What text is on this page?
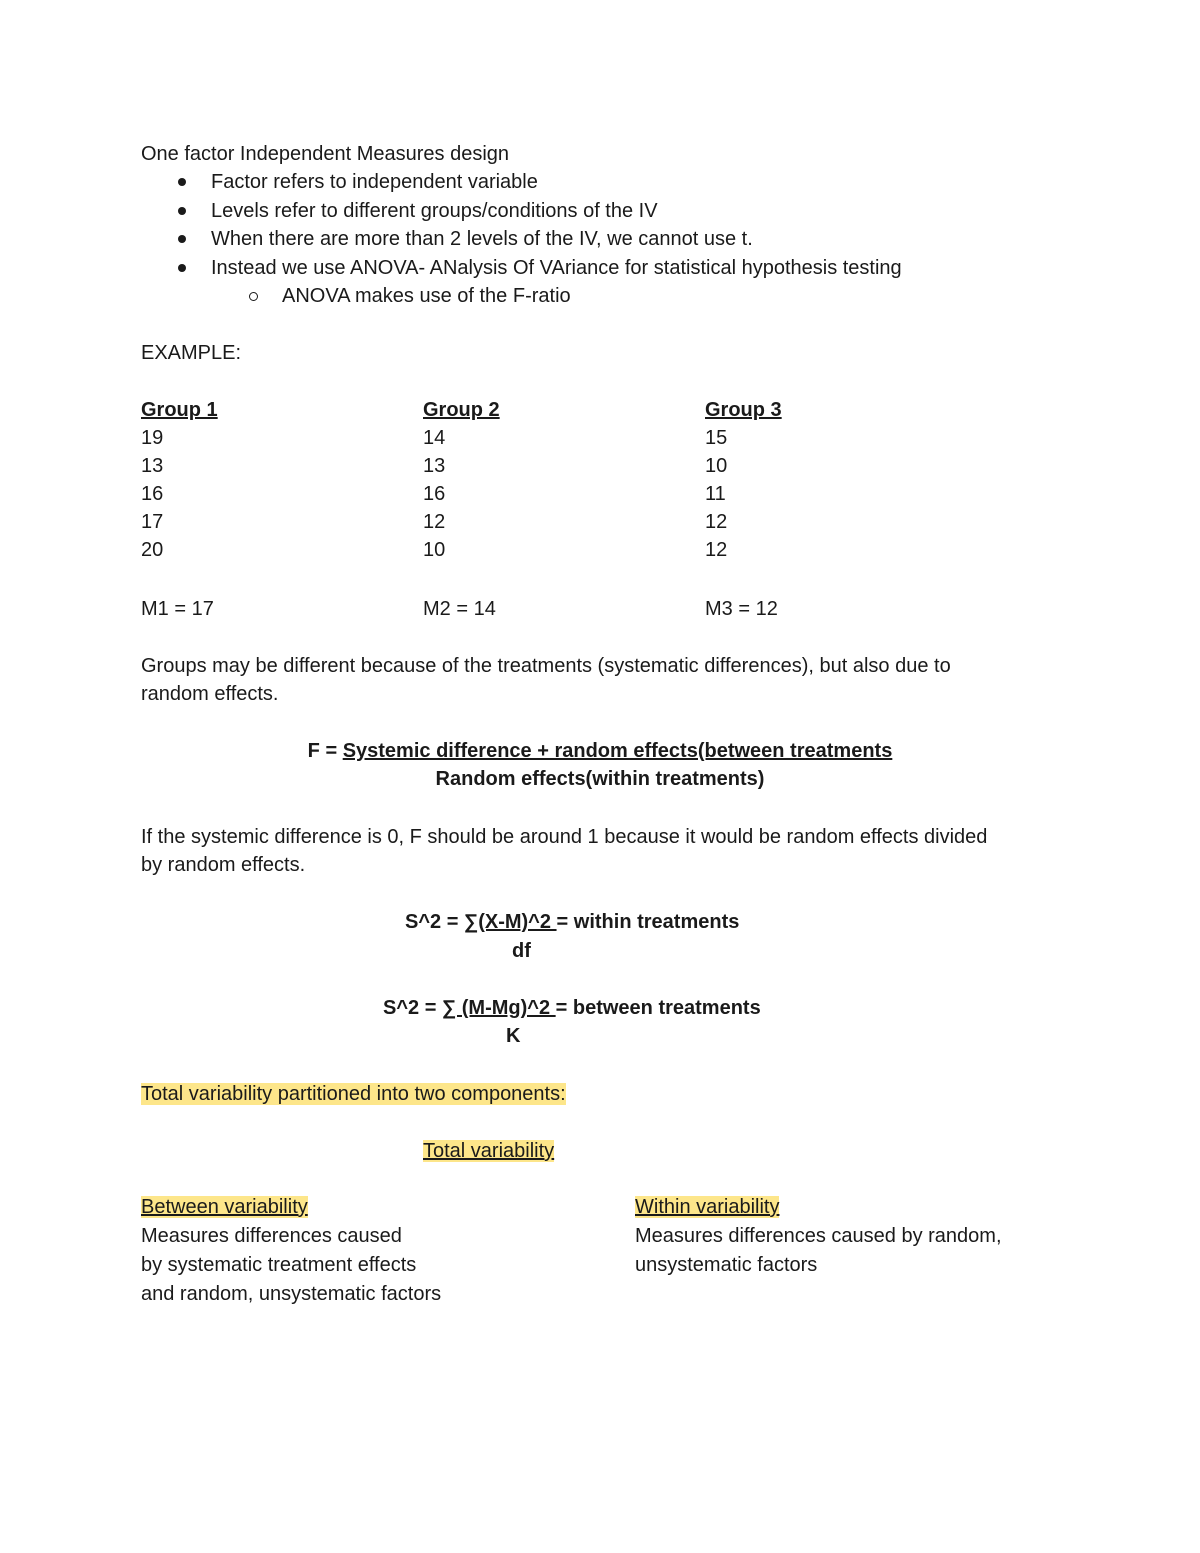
One factor Independent Measures design
Factor refers to independent variable
Levels refer to different groups/conditions of the IV
When there are more than 2 levels of the IV, we cannot use t.
Instead we use ANOVA- ANalysis Of VAriance for statistical hypothesis testing
ANOVA makes use of the F-ratio
EXAMPLE:
Group 1
19
13
16
17
20
M1 = 17
Group 2
14
13
16
12
10
M2 = 14
Group 3
15
10
11
12
12
M3 = 12
Groups may be different because of the treatments (systematic differences), but also due to
random effects.
F = Systemic difference + random effects(between treatments
Random effects(within treatments)
If the systemic difference is 0, F should be around 1 because it would be random effects divided
by random effects.
S^2 = ∑(X-M)^2 = within treatments
df
S^2 = ∑ (M-Mg)^2 = between treatments
K
Total variability partitioned into two components:
Total variability
Between variability
Measures differences caused
by systematic treatment effects
and random, unsystematic factors
Within variability
Measures differences caused by random,
unsystematic factors
